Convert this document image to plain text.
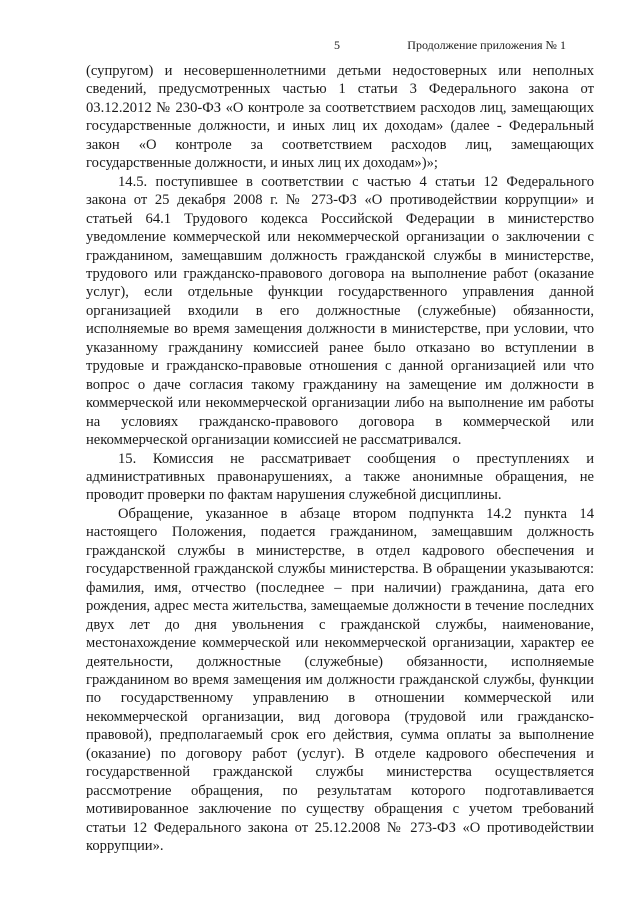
5	Продолжение приложения № 1

(супругом) и несовершеннолетними детьми недостоверных или неполных сведений, предусмотренных частью 1 статьи 3 Федерального закона от 03.12.2012 № 230-ФЗ «О контроле за соответствием расходов лиц, замещающих государственные должности, и иных лиц их доходам» (далее - Федеральный закон «О контроле за соответствием расходов лиц, замещающих государственные должности, и иных лиц их доходам»)»;

14.5. поступившее в соответствии с частью 4 статьи 12 Федерального закона от 25 декабря 2008 г. № 273-ФЗ «О противодействии коррупции» и статьей 64.1 Трудового кодекса Российской Федерации в министерство уведомление коммерческой или некоммерческой организации о заключении с гражданином, замещавшим должность гражданской службы в министерстве, трудового или гражданско-правового договора на выполнение работ (оказание услуг), если отдельные функции государственного управления данной организацией входили в его должностные (служебные) обязанности, исполняемые во время замещения должности в министерстве, при условии, что указанному гражданину комиссией ранее было отказано во вступлении в трудовые и гражданско-правовые отношения с данной организацией или что вопрос о даче согласия такому гражданину на замещение им должности в коммерческой или некоммерческой организации либо на выполнение им работы на условиях гражданско-правового договора в коммерческой или некоммерческой организации комиссией не рассматривался.

15. Комиссия не рассматривает сообщения о преступлениях и административных правонарушениях, а также анонимные обращения, не проводит проверки по фактам нарушения служебной дисциплины.

Обращение, указанное в абзаце втором подпункта 14.2 пункта 14 настоящего Положения, подается гражданином, замещавшим должность гражданской службы в министерстве, в отдел кадрового обеспечения и государственной гражданской службы министерства. В обращении указываются: фамилия, имя, отчество (последнее – при наличии) гражданина, дата его рождения, адрес места жительства, замещаемые должности в течение последних двух лет до дня увольнения с гражданской службы, наименование, местонахождение коммерческой или некоммерческой организации, характер ее деятельности, должностные (служебные) обязанности, исполняемые гражданином во время замещения им должности гражданской службы, функции по государственному управлению в отношении коммерческой или некоммерческой организации, вид договора (трудовой или гражданско-правовой), предполагаемый срок его действия, сумма оплаты за выполнение (оказание) по договору работ (услуг). В отделе кадрового обеспечения и государственной гражданской службы министерства осуществляется рассмотрение обращения, по результатам которого подготавливается мотивированное заключение по существу обращения с учетом требований статьи 12 Федерального закона от 25.12.2008 № 273-ФЗ «О противодействии коррупции».
